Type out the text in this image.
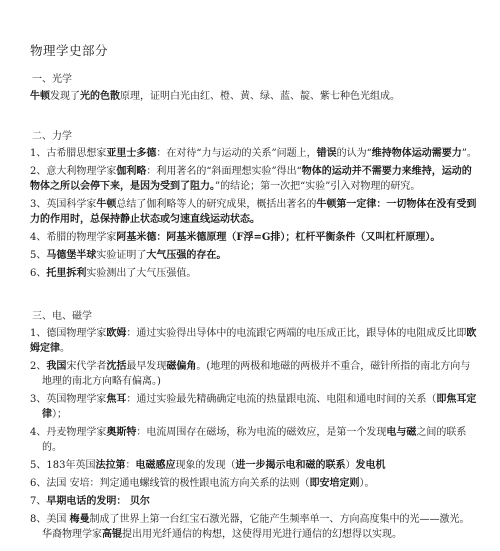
物理学史部分
一、光学
牛顿发现了光的色散原理，证明白光由红、橙、黄、绿、蓝、靛、紫七种色光组成。
二、力学
1、古希腊思想家亚里士多德：在对待“力与运动的关系”问题上，错误的认为“维持物体运动需要力”。
2、意大利物理学家伽利略：利用著名的“斜面理想实验”得出“物体的运动并不需要力来维持，运动的物体之所以会停下来，是因为受到了阻力。”的结论；第一次把“实验”引入对物理的研究。
3、英国科学家牛顿总结了伽利略等人的研究成果，概括出著名的牛顿第一定律：一切物体在没有受到力的作用时，总保持静止状态或匀速直线运动状态。
4、希腊的物理学家阿基米德：阿基米德原理（F浮=G排）；杠杆平衡条件（又叫杠杆原理）。
5、马德堡半球实验证明了大气压强的存在。
6、托里拆利实验测出了大气压强值。
三、电、磁学
1、德国物理学家欧姆：通过实验得出导体中的电流跟它两端的电压成正比，跟导体的电阻成反比即欧姆定律。
2、我国宋代学者沈括最早发现磁偏角。(地理的两极和地磁的两极并不重合，磁针所指的南北方向与地理的南北方向略有偏离。)
3、英国物理学家焦耳：通过实验最先精确确定电流的热量跟电流、电阻和通电时间的关系（即焦耳定律）；
4、丹麦物理学家奥斯特：电流周围存在磁场，称为电流的磁效应，是第一个发现电与磁之间的联系的。
5、183年英国法拉第：电磁感应现象的发现（进一步揭示电和磁的联系）发电机
6、法国 安培：判定通电螺线管的极性跟电流方向关系的法则（即安培定则）。
7、早期电话的发明： 贝尔
8、美国 梅曼制成了世界上第一台红宝石激光器，它能产生频率单一、方向高度集中的光——激光。华裔物理学家高锟提出用光纤通信的构想，这使得用光进行通信的幻想得以实现。
